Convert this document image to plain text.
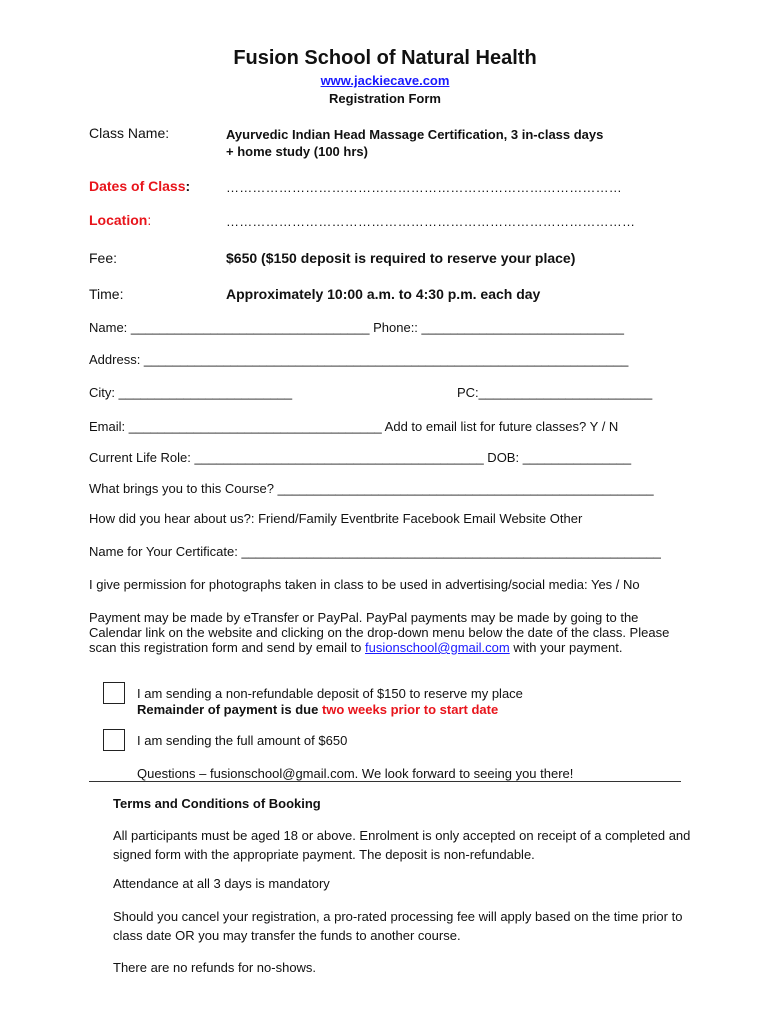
Fusion School of Natural Health
www.jackiecave.com
Registration Form
Class Name:	Ayurvedic Indian Head Massage Certification, 3 in-class days
+ home study (100 hrs)
Dates of Class:	………………………………………………………………………………
Location:	…………………………………………………………………………………
Fee:	$650 ($150 deposit is required to reserve your place)
Time:	Approximately 10:00 a.m. to 4:30 p.m. each day
Name: _________________________________ Phone:: ____________________________
Address: ___________________________________________________________________
City: ________________________	PC:________________________
Email: ___________________________________ Add to email list for future classes? Y / N
Current Life Role: ________________________________________ DOB: _______________
What brings you to this Course? ____________________________________________________
How did you hear about us?: Friend/Family Eventbrite Facebook Email Website Other
Name for Your Certificate: __________________________________________________________
I give permission for photographs taken in class to be used in advertising/social media: Yes / No
Payment may be made by eTransfer or PayPal. PayPal payments may be made by going to the Calendar link on the website and clicking on the drop-down menu below the date of the class. Please scan this registration form and send by email to fusionschool@gmail.com with your payment.
I am sending a non-refundable deposit of $150 to reserve my place
Remainder of payment is due two weeks prior to start date
I am sending the full amount of $650
Questions – fusionschool@gmail.com. We look forward to seeing you there!
Terms and Conditions of Booking
All participants must be aged 18 or above. Enrolment is only accepted on receipt of a completed and signed form with the appropriate payment. The deposit is non-refundable.
Attendance at all 3 days is mandatory
Should you cancel your registration, a pro-rated processing fee will apply based on the time prior to class date OR you may transfer the funds to another course.
There are no refunds for no-shows.
